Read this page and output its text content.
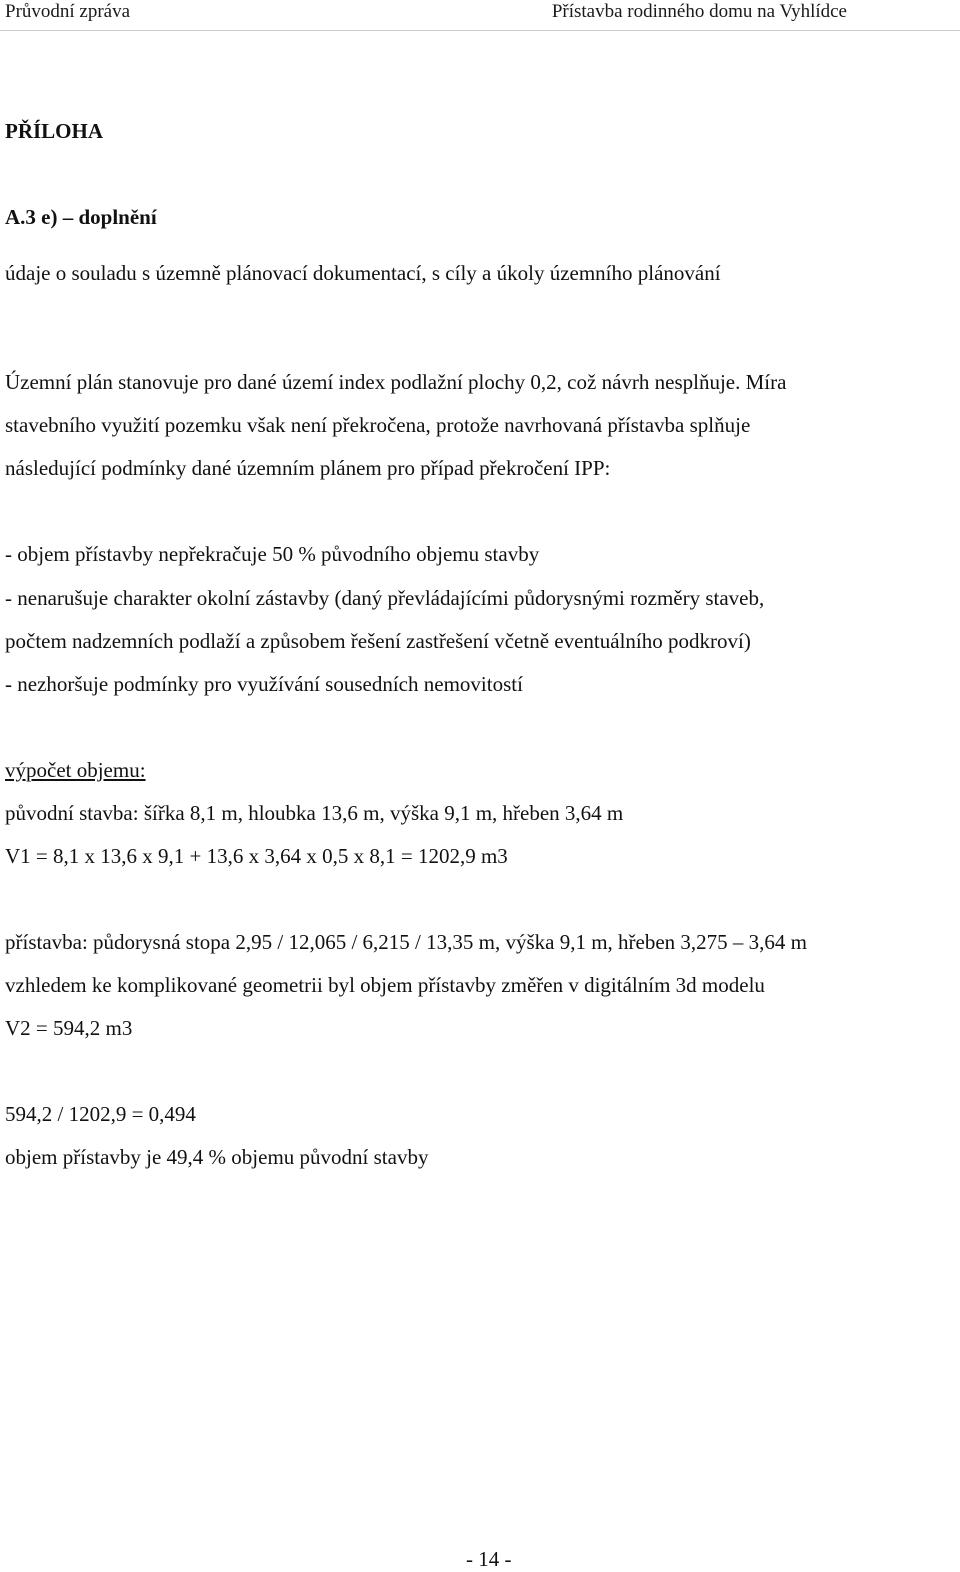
Průvodní zpráva	Přístavba rodinného domu na Vyhlídce
PŘÍLOHA
A.3 e) – doplnění
údaje o souladu s územně plánovací dokumentací, s cíly a úkoly územního plánování
Územní plán stanovuje pro dané území index podlažní plochy 0,2, což návrh nesplňuje. Míra
stavebního využití pozemku však není překročena, protože navrhovaná přístavba splňuje
následující podmínky dané územním plánem pro případ překročení IPP:
- objem přístavby nepřekračuje 50 % původního objemu stavby
- nenarušuje charakter okolní zástavby (daný převládajícími půdorysnými rozměry staveb,
počtem nadzemních podlaží a způsobem řešení zastřešení včetně eventuálního podkroví)
- nezhoršuje podmínky pro využívání sousedních nemovitostí
výpočet objemu:
původní stavba: šířka 8,1 m, hloubka 13,6 m, výška 9,1 m, hřeben 3,64 m
V1 = 8,1 x 13,6 x 9,1 + 13,6 x 3,64 x 0,5 x 8,1 = 1202,9 m3
přístavba: půdorysná stopa 2,95 / 12,065 / 6,215 / 13,35 m, výška 9,1 m, hřeben 3,275 – 3,64 m
vzhledem ke komplikované geometrii byl objem přístavby změřen v digitálním 3d modelu
V2 = 594,2 m3
594,2 / 1202,9 = 0,494
objem přístavby je 49,4 % objemu původní stavby
- 14 -
